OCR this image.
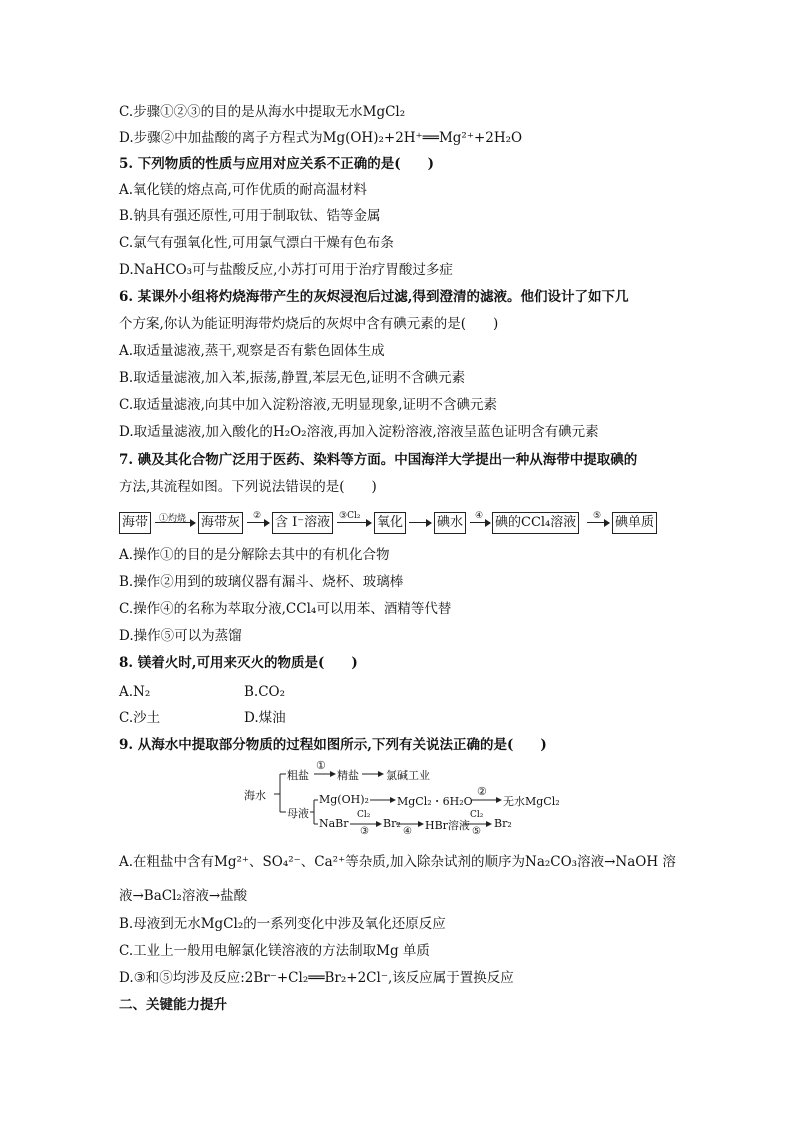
C.步骤①②③的目的是从海水中提取无水MgCl₂
D.步骤②中加盐酸的离子方程式为Mg(OH)₂+2H⁺══Mg²⁺+2H₂O
5. 下列物质的性质与应用对应关系不正确的是(　　)
A.氧化镁的熔点高,可作优质的耐高温材料
B.钠具有强还原性,可用于制取钛、锆等金属
C.氯气有强氧化性,可用氯气漂白干燥有色布条
D.NaHCO₃可与盐酸反应,小苏打可用于治疗胃酸过多症
6. 某课外小组将灼烧海带产生的灰烬浸泡后过滤,得到澄清的滤液。他们设计了如下几
个方案,你认为能证明海带灼烧后的灰烬中含有碘元素的是(　　)
A.取适量滤液,蒸干,观察是否有紫色固体生成
B.取适量滤液,加入苯,振荡,静置,苯层无色,证明不含碘元素
C.取适量滤液,向其中加入淀粉溶液,无明显现象,证明不含碘元素
D.取适量滤液,加入酸化的H₂O₂溶液,再加入淀粉溶液,溶液呈蓝色证明含有碘元素
7. 碘及其化合物广泛用于医药、染料等方面。中国海洋大学提出一种从海带中提取碘的
方法,其流程如图。下列说法错误的是(　　)
海带	①灼烧 海带灰	② 含 I⁻溶液 ③Cl₂ 氧化	碘水	④ 碘的CCl₄溶液	⑤ 碘单质
A.操作①的目的是分解除去其中的有机化合物
B.操作②用到的玻璃仪器有漏斗、烧杯、玻璃棒
C.操作④的名称为萃取分液,CCl₄可以用苯、酒精等代替
D.操作⑤可以为蒸馏
8. 镁着火时,可用来灭火的物质是(　　)
A.N₂	B.CO₂
C.沙土	D.煤油
9. 从海水中提取部分物质的过程如图所示,下列有关说法正确的是(　　)
海水
粗盐
①
精盐 氯碱工业
母液
Mg(OH)₂	MgCl₂・6H₂O
②
无水MgCl₂
NaBr
Cl₂
③
Br₂
④ HBr溶液
Cl₂
⑤
Br₂
A.在粗盐中含有Mg²⁺、SO₄²⁻、Ca²⁺等杂质,加入除杂试剂的顺序为Na₂CO₃溶液→NaOH 溶
液→BaCl₂溶液→盐酸
B.母液到无水MgCl₂的一系列变化中涉及氧化还原反应
C.工业上一般用电解氯化镁溶液的方法制取Mg 单质
D.③和⑤均涉及反应:2Br⁻+Cl₂══Br₂+2Cl⁻,该反应属于置换反应
二、关键能力提升
